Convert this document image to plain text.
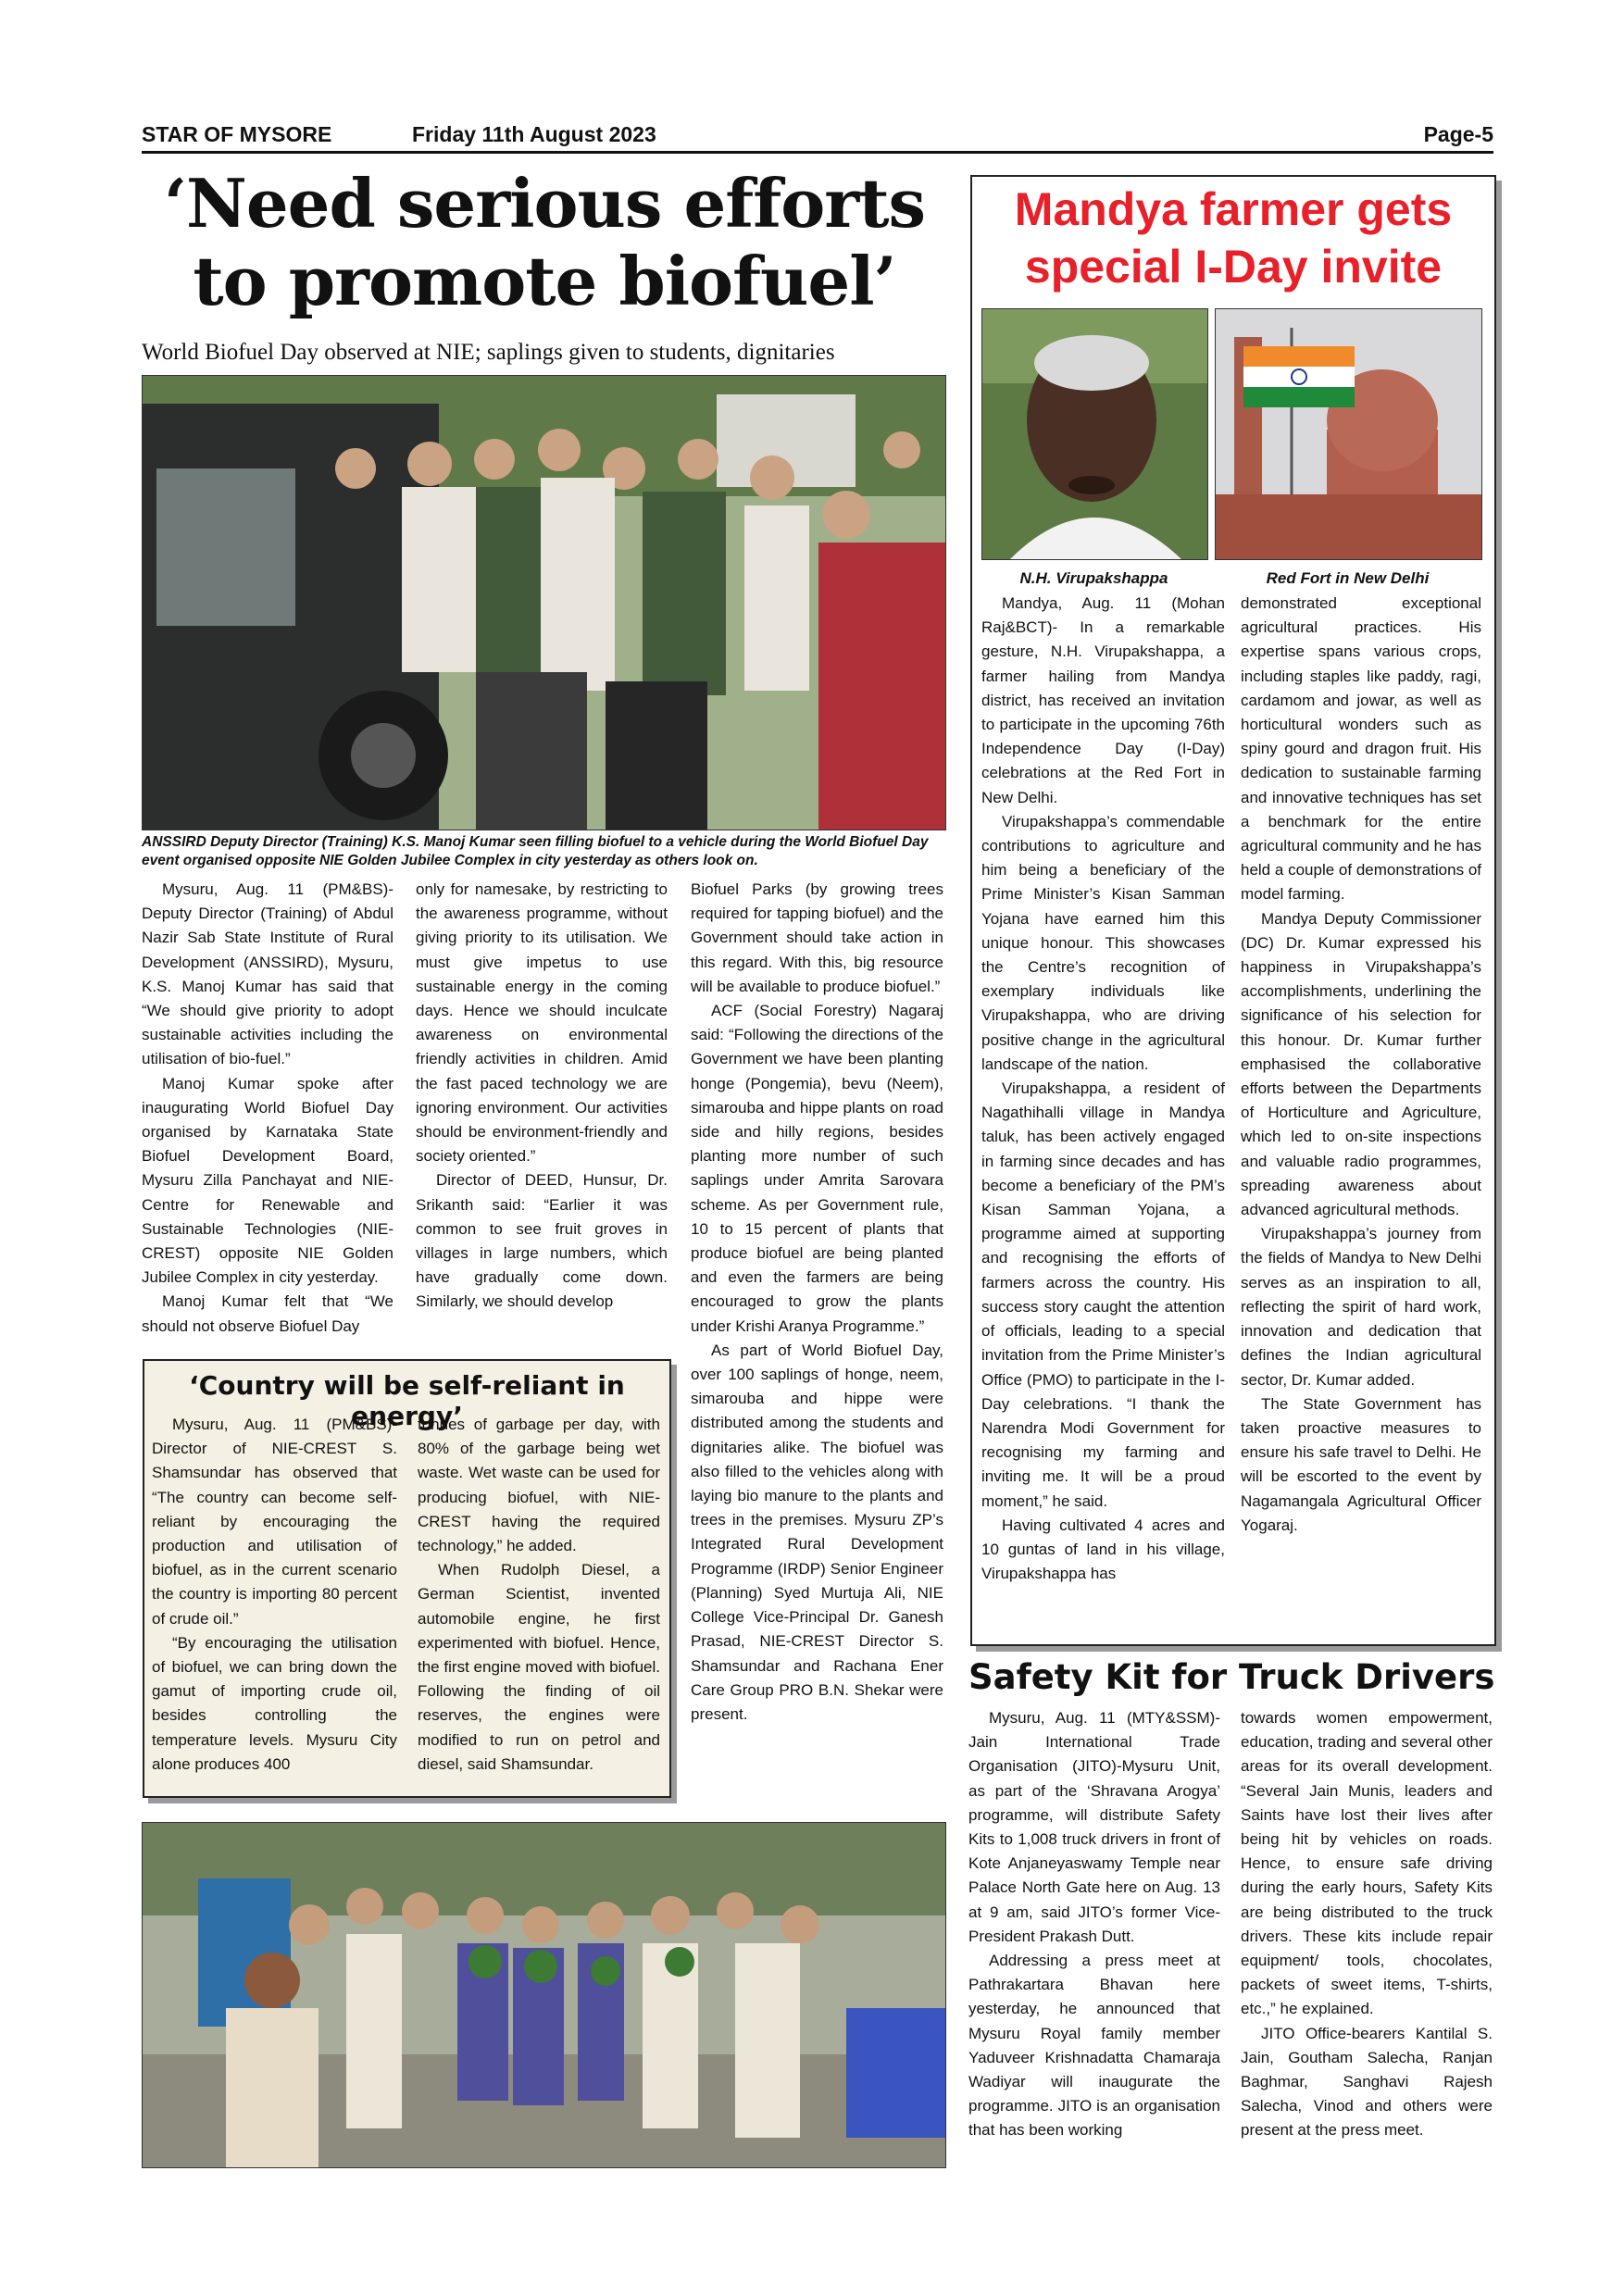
STAR OF MYSORE	Friday 11th August 2023	Page-5
‘Need serious efforts to promote biofuel’
World Biofuel Day observed at NIE; saplings given to students, dignitaries
ANSSIRD Deputy Director (Training) K.S. Manoj Kumar seen filling biofuel to a vehicle during the World Biofuel Day event organised opposite NIE Golden Jubilee Complex in city yesterday as others look on.

Mysuru, Aug. 11 (PM&BS)- Deputy Director (Training) of Abdul Nazir Sab State Institute of Rural Development (ANSSIRD), Mysuru, K.S. Manoj Kumar has said that “We should give priority to adopt sustainable activities including the utilisation of bio-fuel.”

Manoj Kumar spoke after inaugurating World Biofuel Day organised by Karnataka State Biofuel Development Board, Mysuru Zilla Panchayat and NIE-Centre for Renewable and Sustainable Technologies (NIE-CREST) opposite NIE Golden Jubilee Complex in city yesterday.

Manoj Kumar felt that “We should not observe Biofuel Day

only for namesake, by restricting to the awareness programme, without giving priority to its utilisation. We must give impetus to use sustainable energy in the coming days. Hence we should inculcate awareness on environmental friendly activities in children. Amid the fast paced technology we are ignoring environment. Our activities should be environment-friendly and society oriented.”

Director of DEED, Hunsur, Dr. Srikanth said: “Earlier it was common to see fruit groves in villages in large numbers, which have gradually come down. Similarly, we should develop

Biofuel Parks (by growing trees required for tapping biofuel) and the Government should take action in this regard. With this, big resource will be available to produce biofuel.”

ACF (Social Forestry) Nagaraj said: “Following the directions of the Government we have been planting honge (Pongemia), bevu (Neem), simarouba and hippe plants on road side and hilly regions, besides planting more number of such saplings under Amrita Sarovara scheme. As per Government rule, 10 to 15 percent of plants that produce biofuel are being planted and even the farmers are being encouraged to grow the plants under Krishi Aranya Programme.”

As part of World Biofuel Day, over 100 saplings of honge, neem, simarouba and hippe were distributed among the students and dignitaries alike. The biofuel was also filled to the vehicles along with laying bio manure to the plants and trees in the premises. Mysuru ZP’s Integrated Rural Development Programme (IRDP) Senior Engineer (Planning) Syed Murtuja Ali, NIE College Vice-Principal Dr. Ganesh Prasad, NIE-CREST Director S. Shamsundar and Rachana Ener Care Group PRO B.N. Shekar were present.

‘Country will be self-reliant in energy’

Mysuru, Aug. 11 (PM&BS)- Director of NIE-CREST S. Shamsundar has observed that “The country can become self-reliant by encouraging the production and utilisation of biofuel, as in the current scenario the country is importing 80 percent of crude oil.”

“By encouraging the utilisation of biofuel, we can bring down the gamut of importing crude oil, besides controlling the temperature levels. Mysuru City alone produces 400

tonnes of garbage per day, with 80% of the garbage being wet waste. Wet waste can be used for producing biofuel, with NIE-CREST having the required technology,” he added.

When Rudolph Diesel, a German Scientist, invented automobile engine, he first experimented with biofuel. Hence, the first engine moved with biofuel. Following the finding of oil reserves, the engines were modified to run on petrol and diesel, said Shamsundar.

Mandya farmer gets special I-Day invite
N.H. Virupakshappa	Red Fort in New Delhi

Mandya, Aug. 11 (Mohan Raj&BCT)- In a remarkable gesture, N.H. Virupakshappa, a farmer hailing from Mandya district, has received an invitation to participate in the upcoming 76th Independence Day (I-Day) celebrations at the Red Fort in New Delhi.

Virupakshappa’s commendable contributions to agriculture and him being a beneficiary of the Prime Minister’s Kisan Samman Yojana have earned him this unique honour. This showcases the Centre’s recognition of exemplary individuals like Virupakshappa, who are driving positive change in the agricultural landscape of the nation.

Virupakshappa, a resident of Nagathihalli village in Mandya taluk, has been actively engaged in farming since decades and has become a beneficiary of the PM’s Kisan Samman Yojana, a programme aimed at supporting and recognising the efforts of farmers across the country. His success story caught the attention of officials, leading to a special invitation from the Prime Minister’s Office (PMO) to participate in the I-Day celebrations. “I thank the Narendra Modi Government for recognising my farming and inviting me. It will be a proud moment,” he said.

Having cultivated 4 acres and 10 guntas of land in his village, Virupakshappa has

demonstrated exceptional agricultural practices. His expertise spans various crops, including staples like paddy, ragi, cardamom and jowar, as well as horticultural wonders such as spiny gourd and dragon fruit. His dedication to sustainable farming and innovative techniques has set a benchmark for the entire agricultural community and he has held a couple of demonstrations of model farming.

Mandya Deputy Commissioner (DC) Dr. Kumar expressed his happiness in Virupakshappa’s accomplishments, underlining the significance of his selection for this honour. Dr. Kumar further emphasised the collaborative efforts between the Departments of Horticulture and Agriculture, which led to on-site inspections and valuable radio programmes, spreading awareness about advanced agricultural methods.

Virupakshappa’s journey from the fields of Mandya to New Delhi serves as an inspiration to all, reflecting the spirit of hard work, innovation and dedication that defines the Indian agricultural sector, Dr. Kumar added.

The State Government has taken proactive measures to ensure his safe travel to Delhi. He will be escorted to the event by Nagamangala Agricultural Officer Yogaraj.

Safety Kit for Truck Drivers

Mysuru, Aug. 11 (MTY&SSM)- Jain International Trade Organisation (JITO)-Mysuru Unit, as part of the ‘Shravana Arogya’ programme, will distribute Safety Kits to 1,008 truck drivers in front of Kote Anjaneyaswamy Temple near Palace North Gate here on Aug. 13 at 9 am, said JITO’s former Vice-President Prakash Dutt.

Addressing a press meet at Pathrakartara Bhavan here yesterday, he announced that Mysuru Royal family member Yaduveer Krishnadatta Chamaraja Wadiyar will inaugurate the programme. JITO is an organisation that has been working

towards women empowerment, education, trading and several other areas for its overall development. “Several Jain Munis, leaders and Saints have lost their lives after being hit by vehicles on roads. Hence, to ensure safe driving during the early hours, Safety Kits are being distributed to the truck drivers. These kits include repair equipment/ tools, chocolates, packets of sweet items, T-shirts, etc.,” he explained.

JITO Office-bearers Kantilal S. Jain, Goutham Salecha, Ranjan Baghmar, Sanghavi Rajesh Salecha, Vinod and others were present at the press meet.
